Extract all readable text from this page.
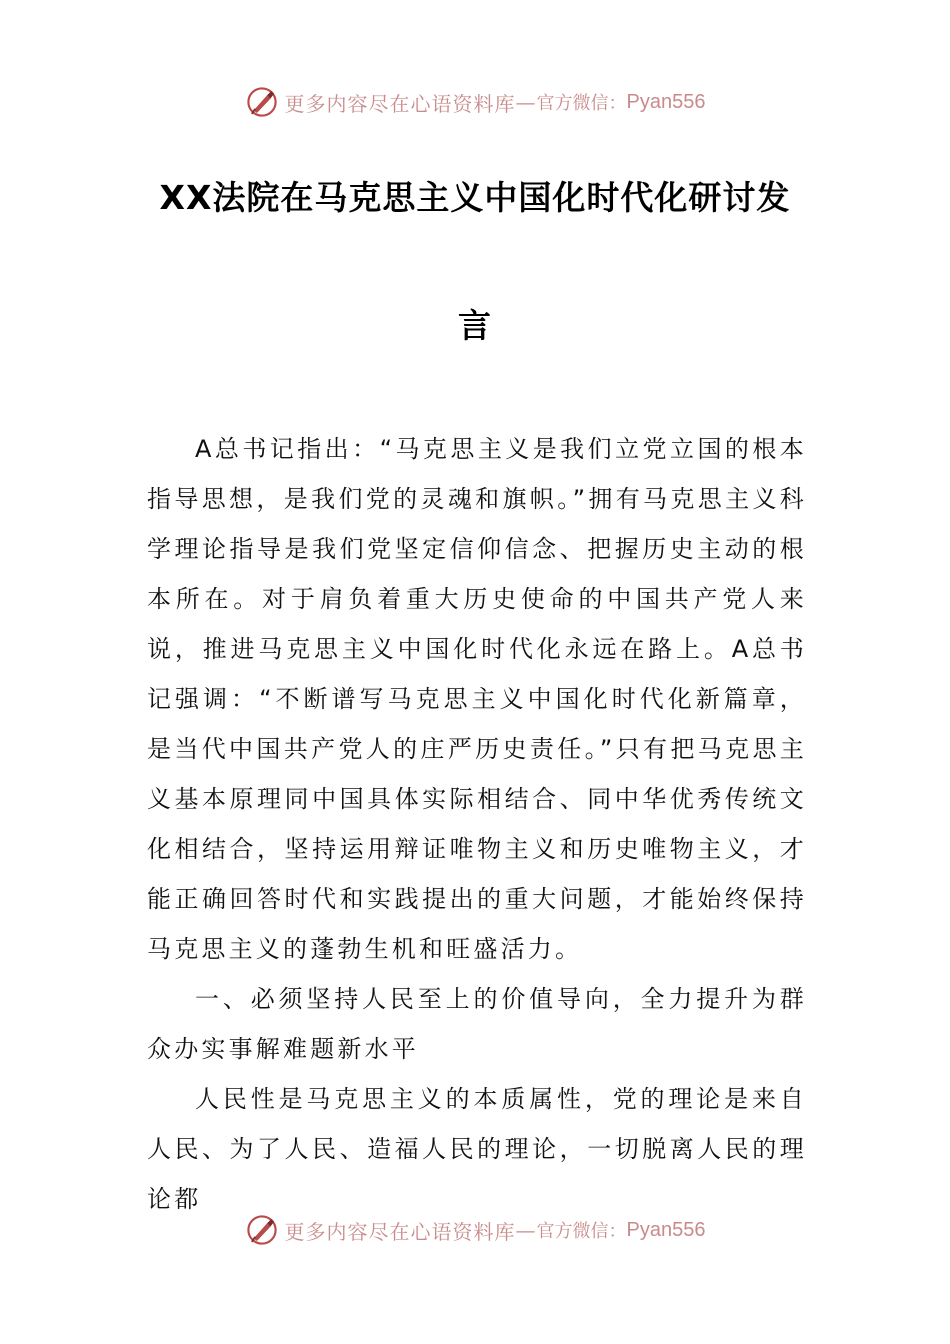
更多内容尽在心语资料库 — 官方微信： Pyan556
XX法院在马克思主义中国化时代化研讨发
言

A总书记指出：“马克思主义是我们立党立国的根本指导思想，是我们党的灵魂和旗帜。”拥有马克思主义科学理论指导是我们党坚定信仰信念、把握历史主动的根本所在。对于肩负着重大历史使命的中国共产党人来说，推进马克思主义中国化时代化永远在路上。A总书记强调：“不断谱写马克思主义中国化时代化新篇章，是当代中国共产党人的庄严历史责任。”只有把马克思主义基本原理同中国具体实际相结合、同中华优秀传统文化相结合，坚持运用辩证唯物主义和历史唯物主义，才能正确回答时代和实践提出的重大问题，才能始终保持马克思主义的蓬勃生机和旺盛活力。

一、必须坚持人民至上的价值导向，全力提升为群众办实事解难题新水平

人民性是马克思主义的本质属性，党的理论是来自人民、为了人民、造福人民的理论，一切脱离人民的理论都

更多内容尽在心语资料库 — 官方微信： Pyan556
